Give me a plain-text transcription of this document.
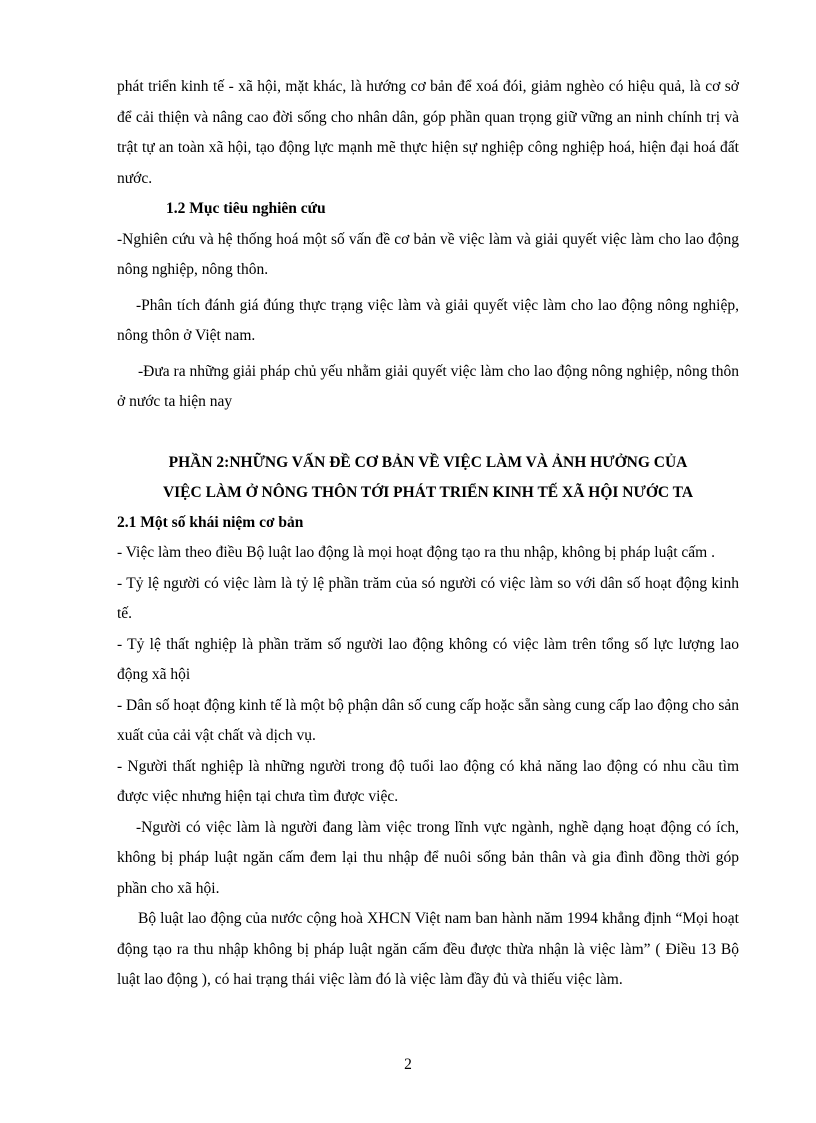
phát triển kinh tế - xã hội, mặt khác, là hướng cơ bản để xoá đói, giảm nghèo có hiệu quả, là cơ sở để cải thiện và nâng cao đời sống cho nhân dân, góp phần quan trọng giữ vững an ninh chính trị và trật tự an toàn xã hội, tạo động lực mạnh mẽ thực hiện sự nghiệp công nghiệp hoá, hiện đại hoá đất nước.

1.2 Mục tiêu nghiên cứu

-Nghiên cứu và hệ thống hoá một số vấn đề cơ bản về việc làm và giải quyết việc làm cho lao động nông nghiệp, nông thôn.

-Phân tích đánh giá đúng thực trạng việc làm và giải quyết việc làm cho lao động nông nghiệp, nông thôn ở Việt nam.

-Đưa ra những giải pháp chủ yếu nhằm giải quyết việc làm cho lao động nông nghiệp, nông thôn ở nước ta hiện nay

PHẦN 2:NHỮNG VẤN ĐỀ CƠ BẢN VỀ VIỆC LÀM VÀ ẢNH HƯỞNG CỦA
VIỆC LÀM Ở NÔNG THÔN TỚI PHÁT TRIỂN KINH TẾ XÃ HỘI NƯỚC TA

2.1 Một số khái niệm cơ bản

- Việc làm theo điều Bộ luật lao động là mọi hoạt động tạo ra thu nhập, không bị pháp luật cấm .

- Tỷ lệ người có việc làm là tỷ lệ phần trăm của só người có việc làm so với dân số hoạt động kinh tế.

- Tỷ lệ thất nghiệp là phần trăm số người lao động không có việc làm trên tổng số lực lượng lao động xã hội

- Dân số hoạt động kinh tế là một bộ phận dân số cung cấp hoặc sẵn sàng cung cấp lao động cho sản xuất của cải vật chất và dịch vụ.

- Người thất nghiệp là những người trong độ tuổi lao động có khả năng lao động có nhu cầu tìm được việc nhưng hiện tại chưa tìm được việc.

-Người có việc làm là người đang làm việc trong lĩnh vực ngành, nghề dạng hoạt động có ích, không bị pháp luật ngăn cấm đem lại thu nhập để nuôi sống bản thân và gia đình đồng thời góp phần cho xã hội.

Bộ luật lao động của nước cộng hoà XHCN Việt nam ban hành năm 1994 khẳng định “Mọi hoạt động tạo ra thu nhập không bị pháp luật ngăn cấm đều được thừa nhận là việc làm” ( Điều 13 Bộ luật lao động ), có hai trạng thái việc làm đó là việc làm đầy đủ và thiếu việc làm.

2
